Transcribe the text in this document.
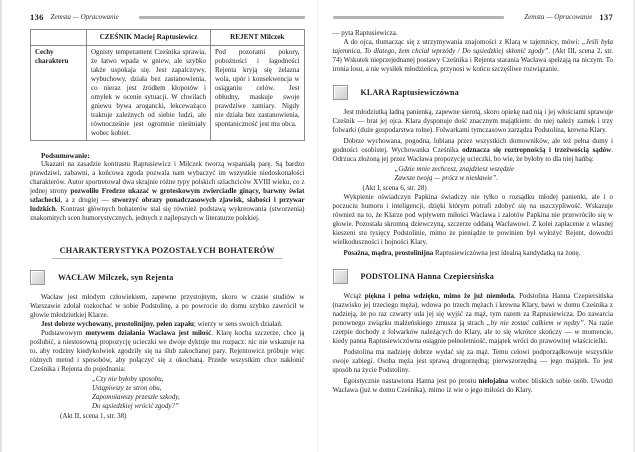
136 Zemsta — Opracowanie
	CZEŚNIK Maciej Raptusiewicz	REJENT Milczek
Cechy charakteru	Ognisty temperament Cześnika sprawia, że łatwo wpada w gniew, ale szybko także uspokaja się. Jest zapalczywy, wybuchowy, działa bez zastanowienia, co nieraz jest źródłem kłopotów i omyłek w ocenie sytuacji. W chwilach gniewu bywa arogancki, lekceważąco traktuje zależnych od siebie ludzi, ale równocześnie jest ogromnie nieśmiały wobec kobiet.	Pod pozorami pokory, pobożności i łagodności Rejenta kryją się żelazna wola, upór i konsekwencja w osiąganiu celów. Jest obłudny, maskuje swoje prawdziwe zamiary. Nigdy nie działa bez zastanowienia, spontaniczność jest mu obca.
Podsumowanie:

Ukazani na zasadzie kontrastu Raptusiewicz i Milczek tworzą wspaniałą parę. Są bardzo prawdziwi, zabawni, a końcowa zgoda pozwala nam wybaczyć im wszystkie niedoskonałości charakterów. Autor sportretował dwa skrajnie różne typy polskich szlachciców XVIII wieku, co z jednej strony pozwoliło Fredrze ukazać w groteskowym zwierciadle ginący, barwny świat szlachecki, a z drugiej — stworzyć obrazy ponadczasowych zjawisk, słabości i przywar ludzkich. Kontrast głównych bohaterów stał się również podstawą wykreowania (stworzenia) znakomitych scen humorystycznych, jednych z najlepszych w literaturze polskiej.

CHARAKTERYSTYKA POZOSTAŁYCH BOHATERÓW
WACŁAW Milczek, syn Rejenta

Wacław jest młodym człowiekiem, zapewne przystojnym, skoro w czasie studiów w Warszawie zdołał rozkochać w sobie Podstolinę, a po powrocie do domu szybko zawrócił w głowie młodziutkiej Klarze.

Jest dobrze wychowany, prostolinijny, pełen zapału; wierzy w sens swoich działań.

Podstawowym motywem działania Wacława jest miłość. Klarę kocha szczerze, chce ją poślubić, a niestosowną propozycję ucieczki we dwoje dyktuje mu rozpacz: nic nie wskazuje na to, aby rodziny kiedykolwiek zgodziły się na ślub zakochanej pary. Rejentowicz próbuje więc różnych metod i sposobów, aby połączyć się z ukochaną. Przede wszystkim chce nakłonić Cześnika i Rejenta do pojednania:

„Czy nie byłoby sposobu,
Ustąpiwszy ze stron obu,
Zapomniawszy przeszłe szkody,
Do sąsiedzkiej wrócić zgody?”
(Akt II, scena 1, str. 38)
Zemsta — Opracowanie 137

— pyta Raptusiewicza.

A do ojca, tłumacząc się z utrzymywania znajomości z Klarą w tajemnicy, mówi: „Jeśli była tajemnica, To dlatego, żem chciał wprzódy / Do sąsiedzkiej skłonić zgody”. (Akt III, scena 2, str. 74) Wskutek nieprzejednanej postawy Cześnika i Rejenta starania Wacława spełzają na niczym. To ironia losu, a nie wysiłek młodzieńca, przynosi w końcu szczęśliwe rozwiązanie.

KLARA Raptusiewiczówna

Jest młodziutką ładną panienką, zapewne sierotą, skoro opiekę nad nią i jej włościami sprawuje Cześnik — brat jej ojca. Klara dysponuje dość znacznym majątkiem: do niej należy zamek i trzy folwarki (duże gospodarstwa rolne). Folwarkami tymczasowo zarządza Podstolina, krewna Klary.

Dobrze wychowana, pogodna, lubiana przez wszystkich domowników, ale też pełna dumy i godności osobistej. Wychowanka Cześnika odznacza się roztropnością i trzeźwością sądów. Odrzuca złożoną jej przez Wacława propozycję ucieczki, bo wie, że byłoby to dla niej hańbą:

„Gdzie mnie zechcesz, znajdziesz wszędzie
Zawsze twoją — prócz w niesławie”.
(Akt I, scena 6, str. 28)

Wykpienie oświadczyn Papkina świadczy nie tylko o rozsądku młodej panienki, ale i o poczuciu humoru i inteligencji, dzięki którym potrafi zdobyć się na uszczypliwość. Wskazuje również na to, że Klarze pod wpływem miłości Wacława i zalotów Papkina nie przewróciło się w głowie. Pozostała skromną dziewczyną, szczerze oddaną Wacławowi. Z kolei zapłacenie z własnej kieszeni stu tysięcy Podstolinie, mimo że pieniądze te powinien był wyłożyć Rejent, dowodzi wielkoduszności i hojności Klary.

Posażna, mądra, prostolinijna Raptusiewiczówna jest idealną kandydatką na żonę.

PODSTOLINA Hanna Czepiersińska

Wciąż piękna i pełna wdzięku, mimo że już niemłoda, Podstolina Hanna Czepiersińska (nazwisko jej trzeciego męża), wdowa po trzech mężach i krewna Klary, bawi w domu Cześnika z nadzieją, że po raz czwarty uda jej się wyjść za mąż, tym razem za Raptusiewicza. Do zawarcia ponownego związku małżeńskiego zmusza ją strach „by nie zostać całkiem w nędzy”. Na razie czerpie dochody z folwarków należących do Klary, ale to się wkrótce skończy — w momencie, kiedy panna Raptusiewiczówna osiągnie pełnoletniość, majątek wróci do prawowitej właścicielki.

Podstolina ma nadzieję dobrze wydać się za mąż. Temu celowi podporządkowuje wszystkie swoje zabiegi. Osoba męża jest sprawą drugorzędną; pierwszorzędną — jego majątek. To jest sposób na życie Podstoliny.

Egoistycznie nastawiona Hanna jest po prostu nielojalna wobec bliskich sobie osób. Uwodzi Wacława (już w domu Cześnika), mimo iż wie o jego miłości do Klary.
